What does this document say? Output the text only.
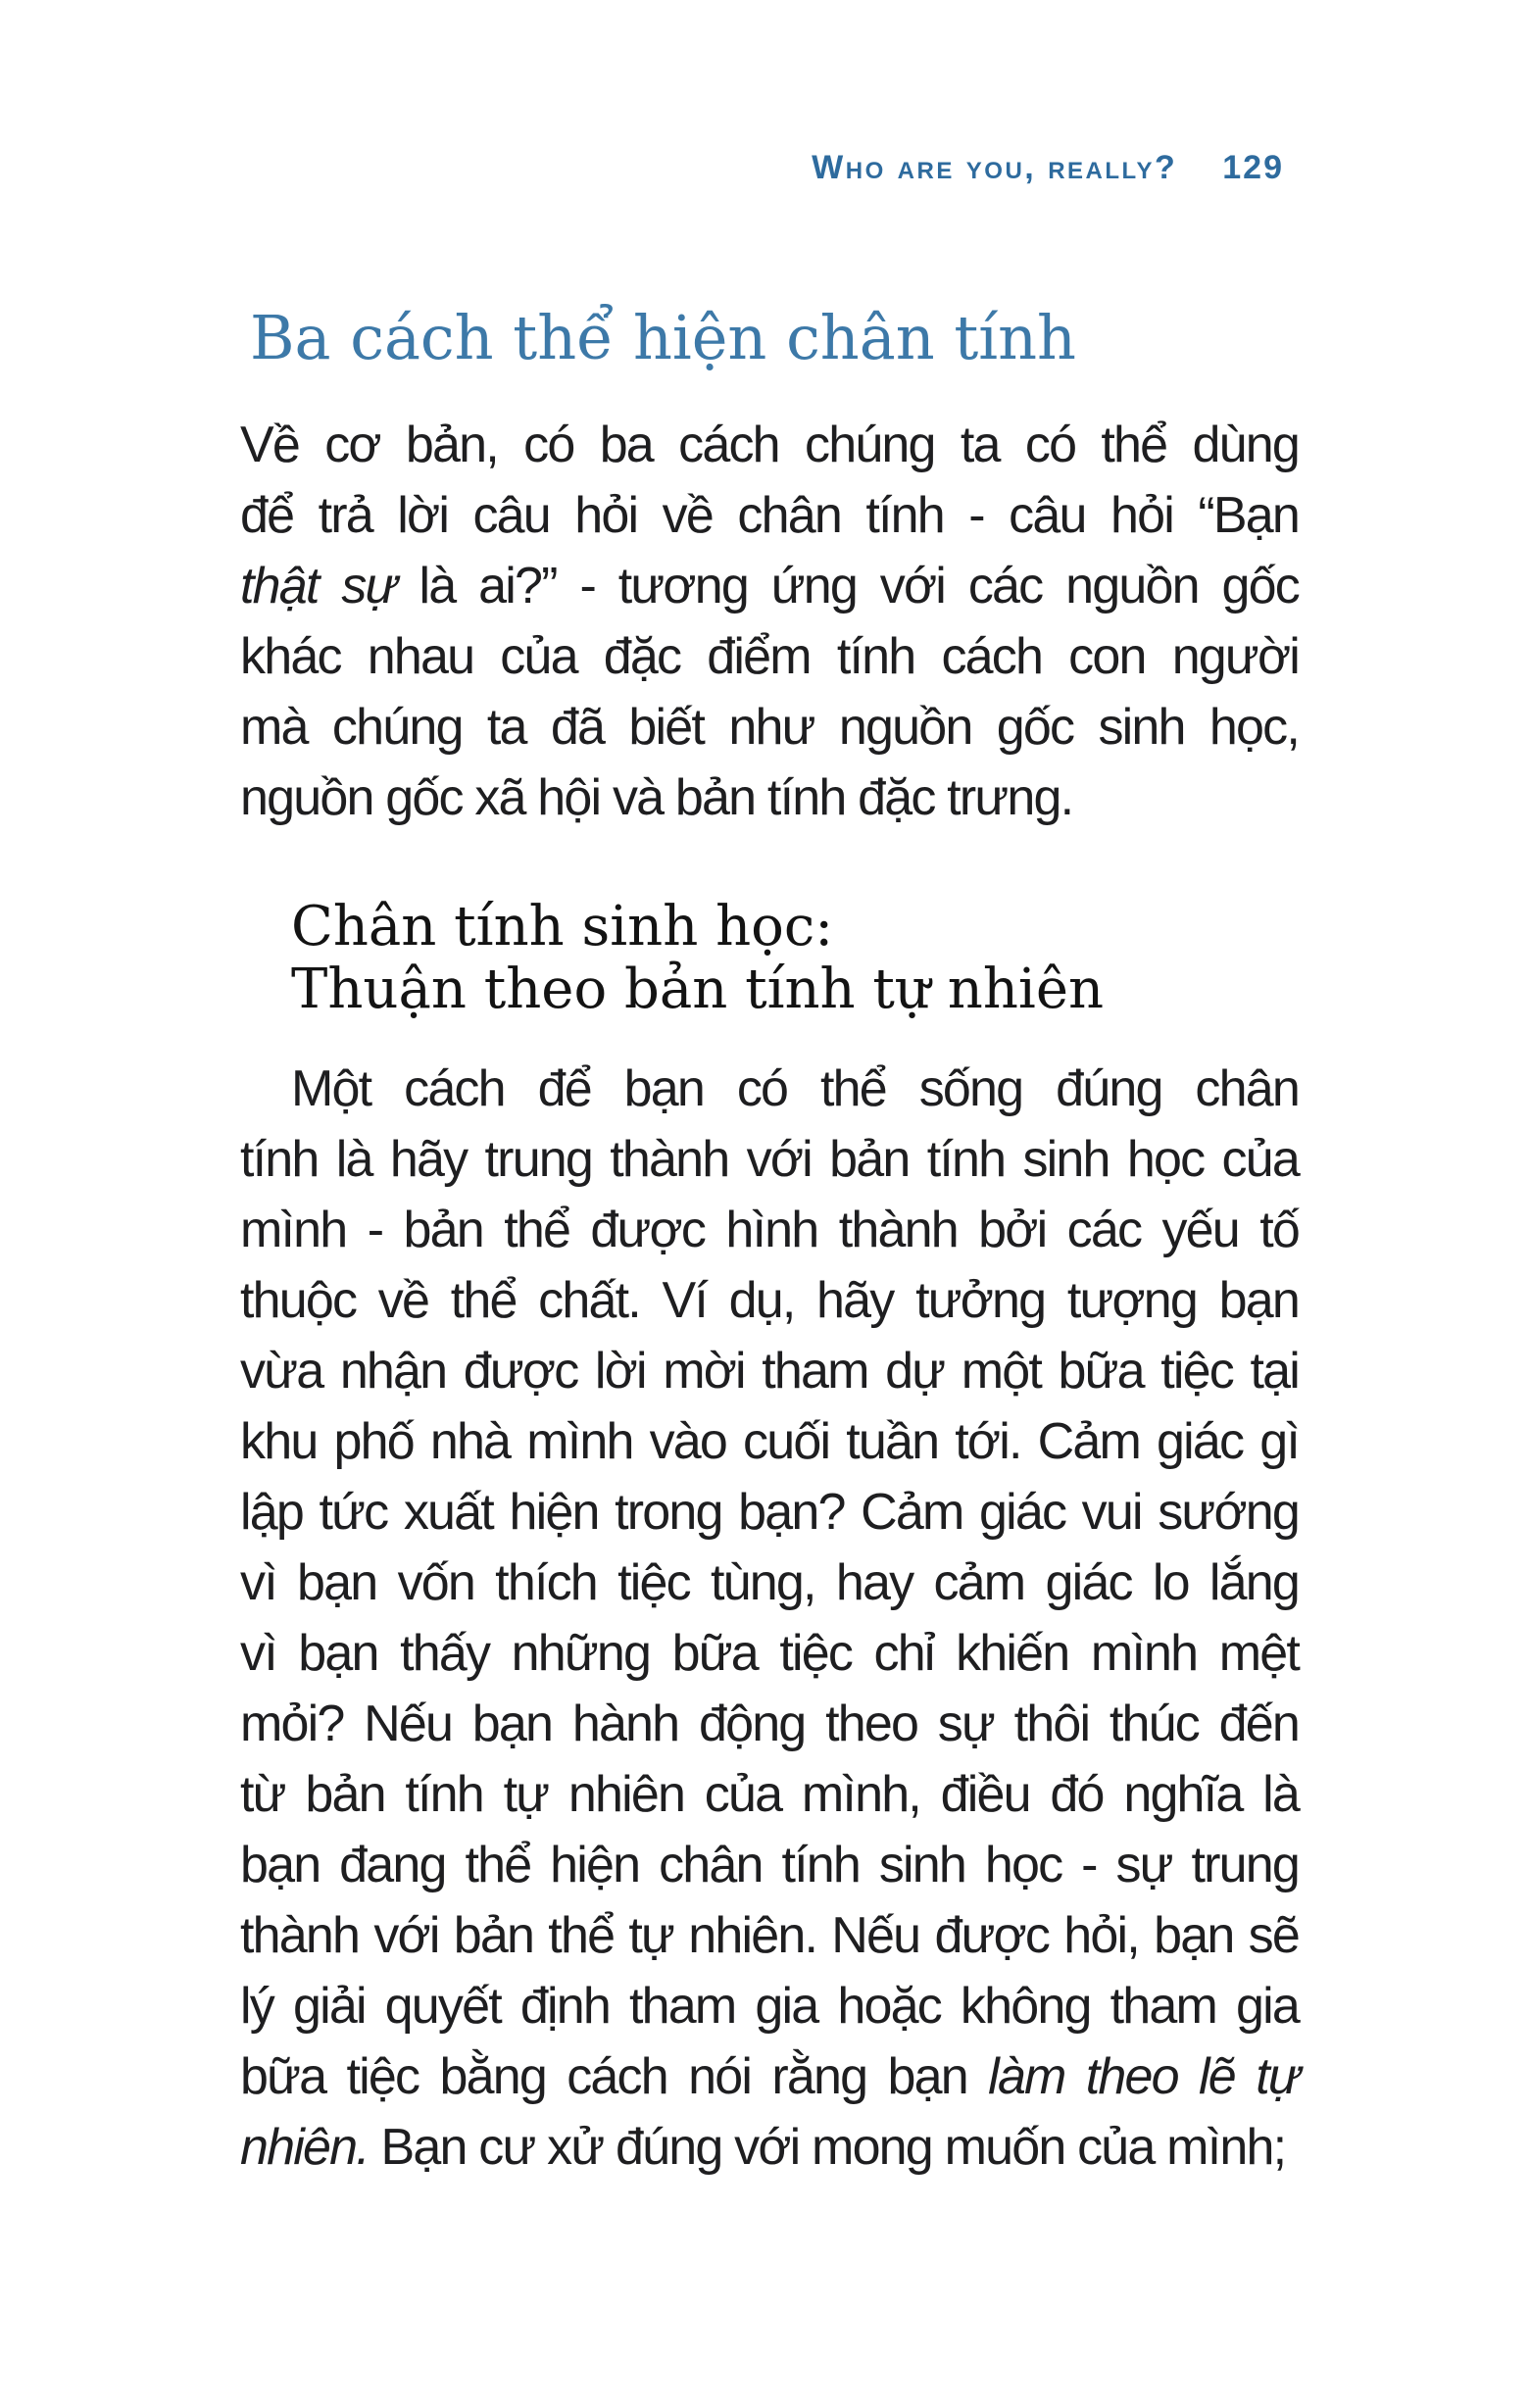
Who are you, really? 129
Ba cách thể hiện chân tính
Về cơ bản, có ba cách chúng ta có thể dùng
để trả lời câu hỏi về chân tính - câu hỏi “Bạn
thật sự là ai?” - tương ứng với các nguồn gốc
khác nhau của đặc điểm tính cách con người
mà chúng ta đã biết như nguồn gốc sinh học,
nguồn gốc xã hội và bản tính đặc trưng.
Chân tính sinh học:
Thuận theo bản tính tự nhiên
Một cách để bạn có thể sống đúng chân
tính là hãy trung thành với bản tính sinh học của
mình - bản thể được hình thành bởi các yếu tố
thuộc về thể chất. Ví dụ, hãy tưởng tượng bạn
vừa nhận được lời mời tham dự một bữa tiệc tại
khu phố nhà mình vào cuối tuần tới. Cảm giác gì
lập tức xuất hiện trong bạn? Cảm giác vui sướng
vì bạn vốn thích tiệc tùng, hay cảm giác lo lắng
vì bạn thấy những bữa tiệc chỉ khiến mình mệt
mỏi? Nếu bạn hành động theo sự thôi thúc đến
từ bản tính tự nhiên của mình, điều đó nghĩa là
bạn đang thể hiện chân tính sinh học - sự trung
thành với bản thể tự nhiên. Nếu được hỏi, bạn sẽ
lý giải quyết định tham gia hoặc không tham gia
bữa tiệc bằng cách nói rằng bạn làm theo lẽ tự
nhiên. Bạn cư xử đúng với mong muốn của mình;
